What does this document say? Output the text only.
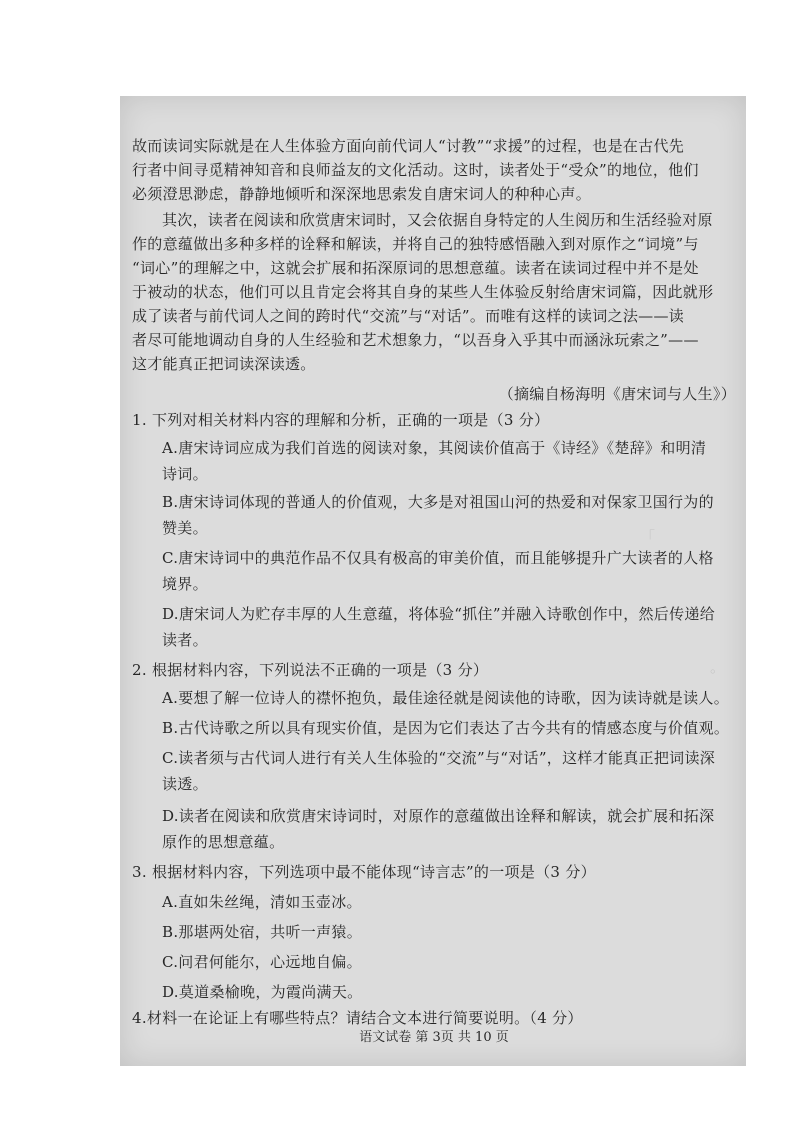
「
。
故而读词实际就是在人生体验方面向前代词人“讨教”“求援”的过程，也是在古代先
行者中间寻觅精神知音和良师益友的文化活动。这时，读者处于“受众”的地位，他们
必须澄思渺虑，静静地倾听和深深地思索发自唐宋词人的种种心声。
其次，读者在阅读和欣赏唐宋词时，又会依据自身特定的人生阅历和生活经验对原
作的意蕴做出多种多样的诠释和解读，并将自己的独特感悟融入到对原作之“词境”与
“词心”的理解之中，这就会扩展和拓深原词的思想意蕴。读者在读词过程中并不是处
于被动的状态，他们可以且肯定会将其自身的某些人生体验反射给唐宋词篇，因此就形
成了读者与前代词人之间的跨时代“交流”与“对话”。而唯有这样的读词之法——读
者尽可能地调动自身的人生经验和艺术想象力，“以吾身入乎其中而涵泳玩索之”——
这才能真正把词读深读透。
（摘编自杨海明《唐宋词与人生》）
1. 下列对相关材料内容的理解和分析，正确的一项是（3 分）
A.唐宋诗词应成为我们首选的阅读对象，其阅读价值高于《诗经》《楚辞》和明清
诗词。
B.唐宋诗词体现的普通人的价值观，大多是对祖国山河的热爱和对保家卫国行为的
赞美。
C.唐宋诗词中的典范作品不仅具有极高的审美价值，而且能够提升广大读者的人格
境界。
D.唐宋词人为贮存丰厚的人生意蕴，将体验“抓住”并融入诗歌创作中，然后传递给
读者。
2. 根据材料内容，下列说法不正确的一项是（3 分）
A.要想了解一位诗人的襟怀抱负，最佳途径就是阅读他的诗歌，因为读诗就是读人。
B.古代诗歌之所以具有现实价值，是因为它们表达了古今共有的情感态度与价值观。
C.读者须与古代词人进行有关人生体验的“交流”与“对话”，这样才能真正把词读深
读透。
D.读者在阅读和欣赏唐宋诗词时，对原作的意蕴做出诠释和解读，就会扩展和拓深
原作的思想意蕴。
3. 根据材料内容，下列选项中最不能体现“诗言志”的一项是（3 分）
A.直如朱丝绳，清如玉壶冰。
B.那堪两处宿，共听一声猿。
C.问君何能尔，心远地自偏。
D.莫道桑榆晚，为霞尚满天。
4.材料一在论证上有哪些特点？请结合文本进行简要说明。（4 分）
语文试卷 第 3页 共 10 页
